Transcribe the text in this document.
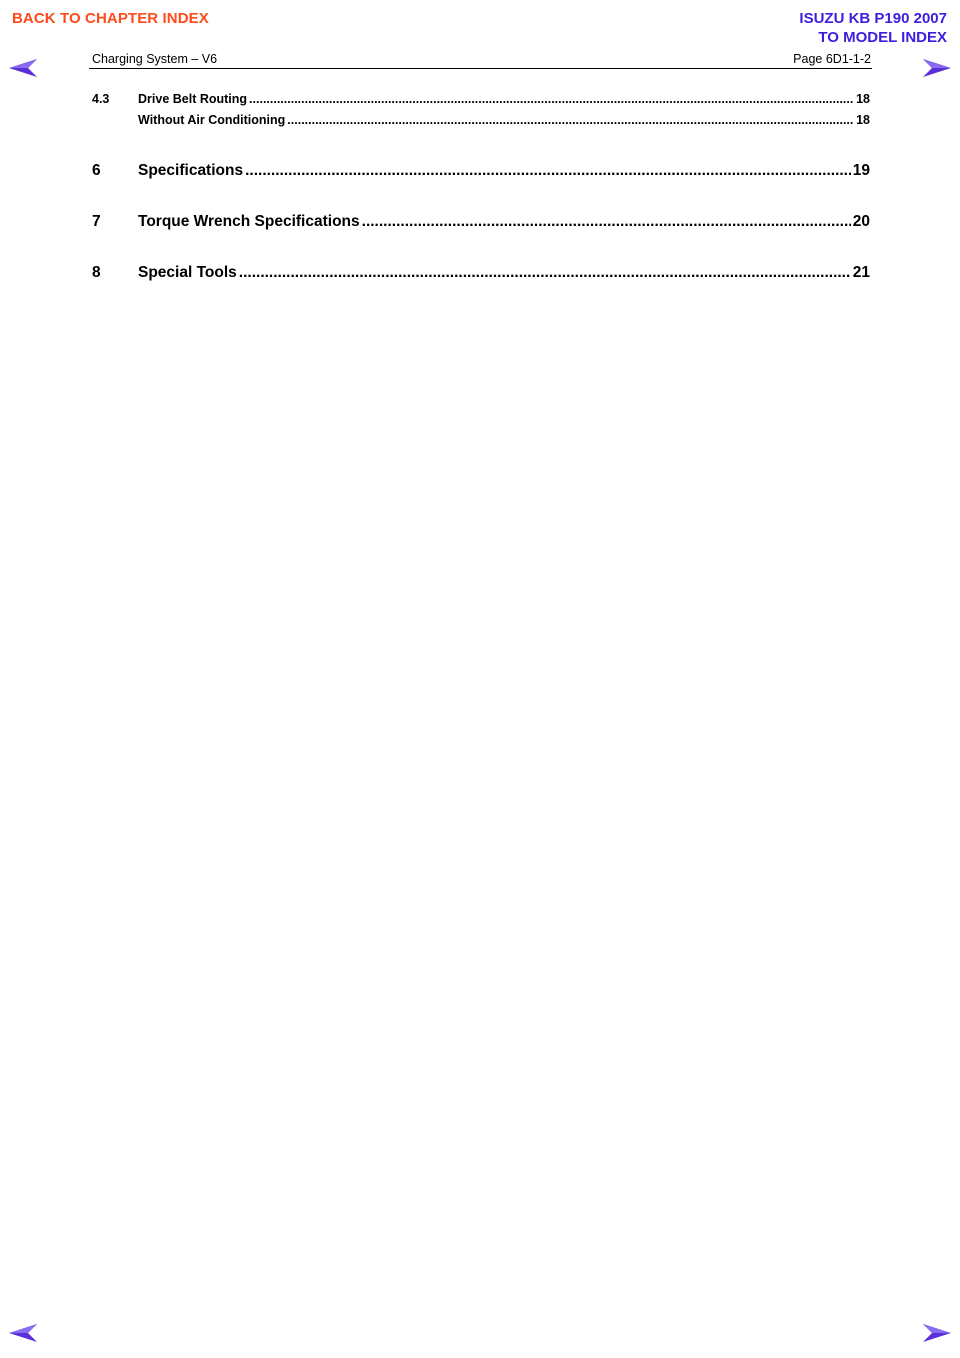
BACK TO CHAPTER INDEX	ISUZU KB P190 2007
TO MODEL INDEX
Charging System – V6	Page 6D1-1-2
4.3	Drive Belt Routing .....	18
Without Air Conditioning .....	18
6	Specifications .....	19
7	Torque Wrench Specifications .....	20
8	Special Tools .....	21
